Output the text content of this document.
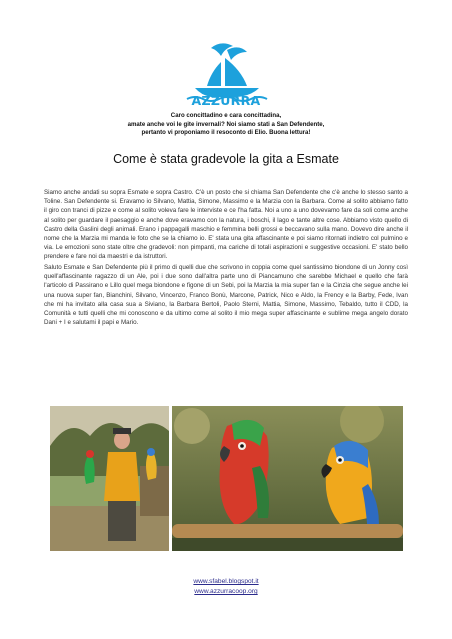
AZZURRA
Caro concittadino e cara concittadina,
amate anche voi le gite invernali? Noi siamo stati a San Defendente,
pertanto vi proponiamo il resoconto di Elio. Buona lettura!
Come è stata gradevole la gita a Esmate

Siamo anche andati su sopra Esmate e sopra Castro. C'è un posto che si chiama San Defendente che c'è anche lo stesso santo a Toline. San Defendente si. Eravamo io Silvano, Mattia, Simone, Massimo e la Marzia con la Barbara. Come al solito abbiamo fatto il giro con tranci di pizze e come al solito voleva fare le interviste e ce l'ha fatta. Noi a uno a uno dovevamo fare da soli come anche al solito per guardare il paesaggio e anche dove eravamo con la natura, i boschi, il lago e tante altre cose. Abbiamo visto quello di Castro della Gaslini degli animali. Erano i pappagalli maschio e femmina belli grossi e beccavano sulla mano. Dovevo dire anche il nome che la Marzia mi manda le foto che se la chiamo io. E' stata una gita affascinante e poi siamo ritornati indietro col pulmino e via. Le emozioni sono state oltre che gradevoli: non pimpanti, ma cariche di totali aspirazioni e suggestive occasioni. E' stato bello prendere e fare noi da maestri e da istruttori.

Saluto Esmate e San Defendente più il primo di quelli due che scrivono in coppia come quel santissimo biondone di un Jonny così quell'affascinante ragazzo di un Ale, poi i due sono dall'altra parte uno di Piancamuno che sarebbe Michael e quello che farà l'articolo di Passirano e Lillo quel mega biondone e figone di un Sebi, poi la Marzia la mia super fan e la Cinzia che segue anche lei una nuova super fan, Bianchini, Silvano, Vincenzo, Franco Bonù, Marcone, Patrick, Nico e Aldo, la Frency e la Barby, Fede, Ivan che mi ha invitato alla casa sua a Siviano, la Barbara Bertoli, Paolo Sterni, Mattia, Simone, Massimo, Tebaldo, tutto il CDD, la Comunità e tutti quelli che mi conoscono e da ultimo come al solito il mio mega super affascinante e sublime mega angelo dorato Dani + I e salutami il papi e Mario.

www.sfabel.blogspot.it
www.azzurracoop.org
